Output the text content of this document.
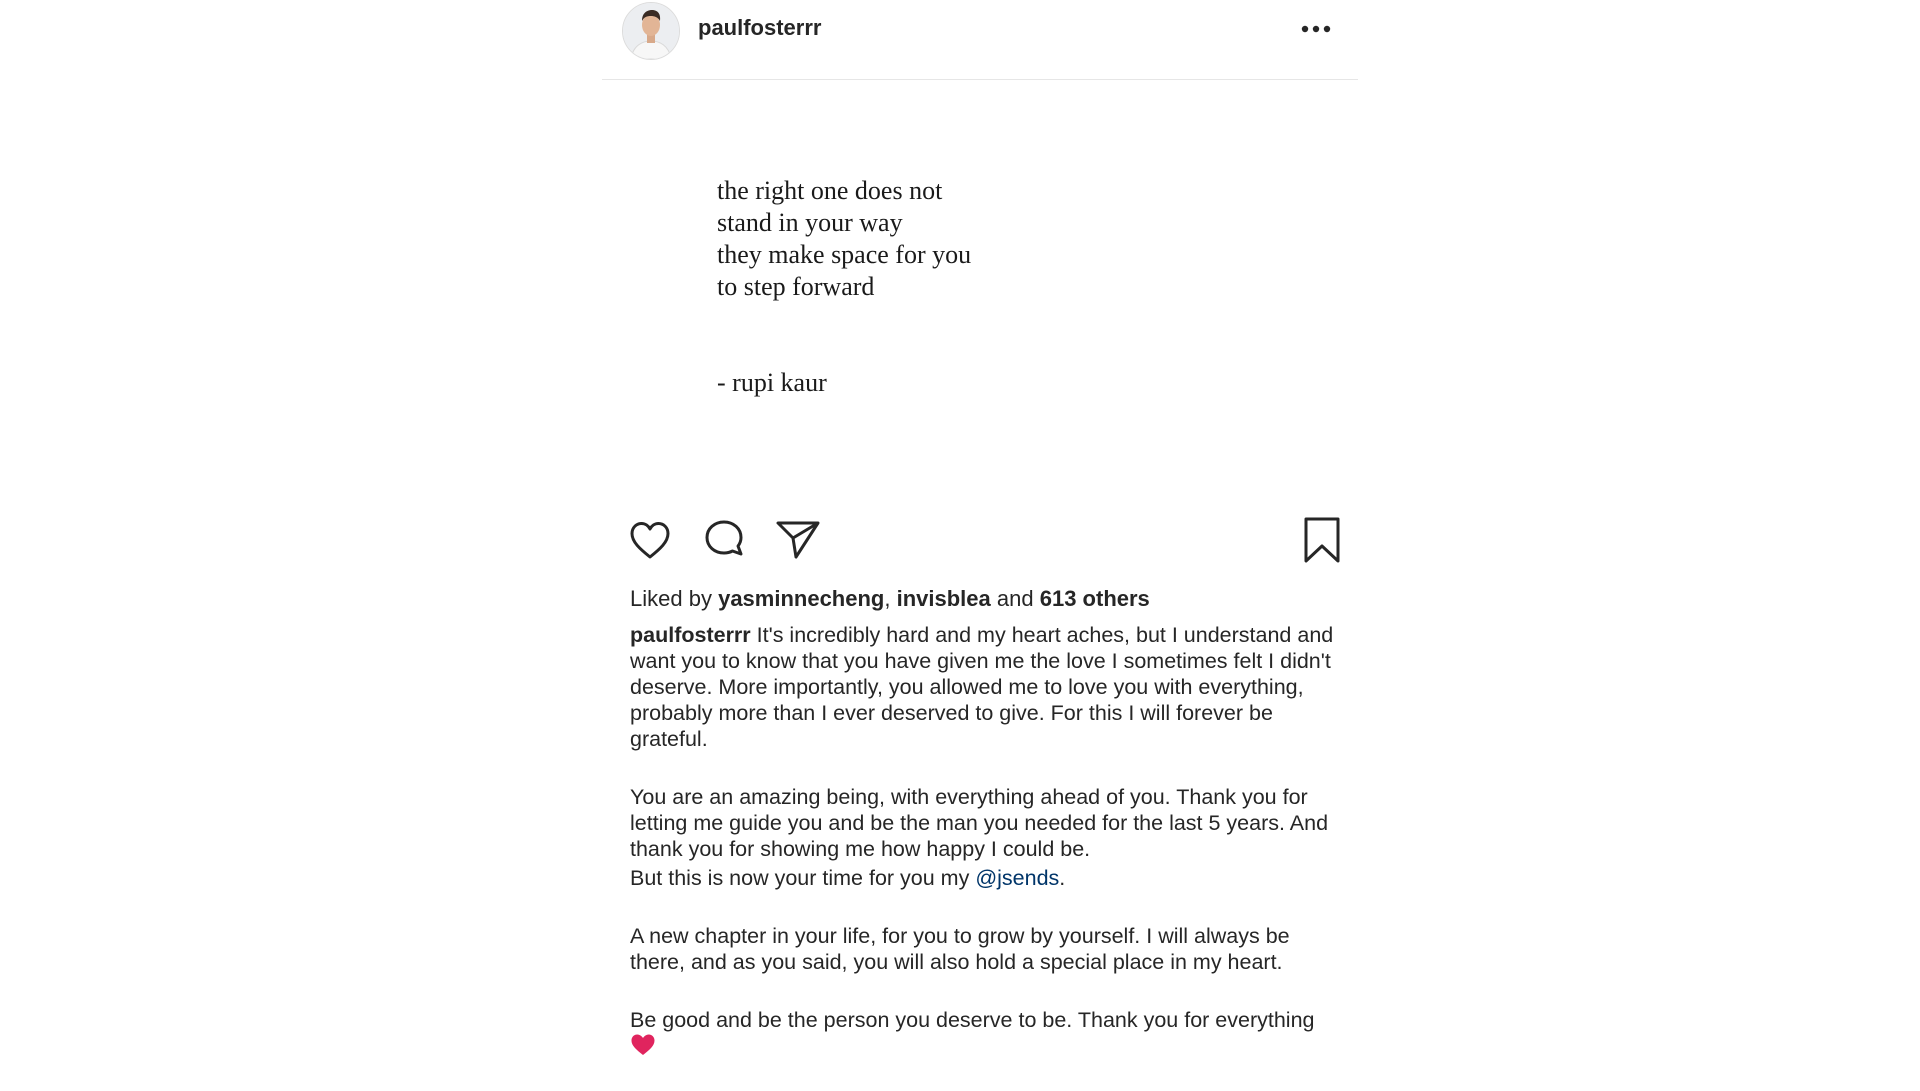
paulfosterrr
the right one does not
stand in your way
they make space for you
to step forward
- rupi kaur
Liked by yasminnecheng, invisblea and 613 others

paulfosterrr It's incredibly hard and my heart aches, but I understand and want you to know that you have given me the love I sometimes felt I didn't deserve. More importantly, you allowed me to love you with everything, probably more than I ever deserved to give. For this I will forever be grateful.

You are an amazing being, with everything ahead of you. Thank you for letting me guide you and be the man you needed for the last 5 years. And thank you for showing me how happy I could be.
But this is now your time for you my @jsends.

A new chapter in your life, for you to grow by yourself. I will always be there, and as you said, you will also hold a special place in my heart.

Be good and be the person you deserve to be. Thank you for everything
